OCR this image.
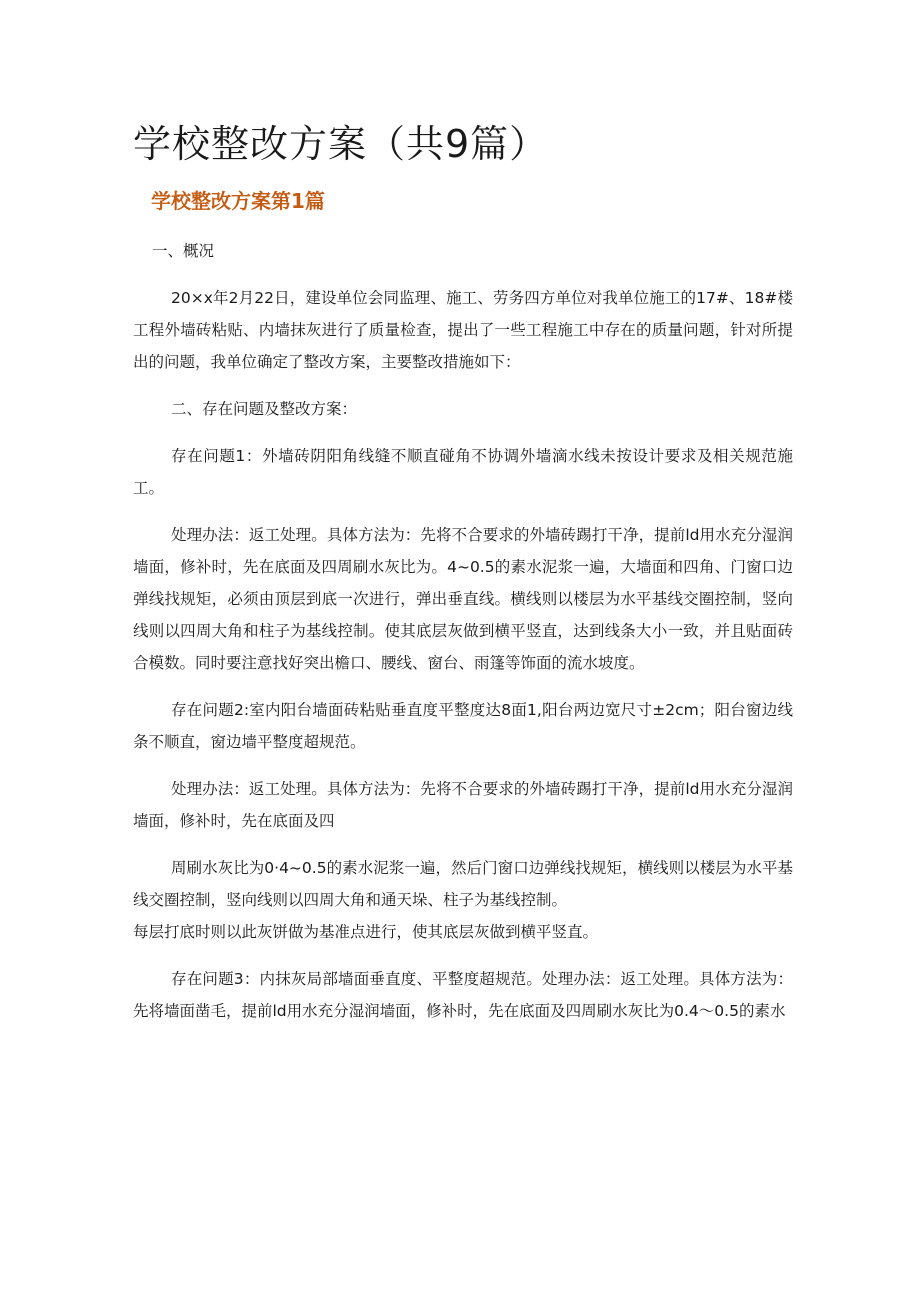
学校整改方案（共9篇）
学校整改方案第1篇

一、概况

20×x年2月22日，建设单位会同监理、施工、劳务四方单位对我单位施工的17#、18#楼工程外墙砖粘贴、内墙抹灰进行了质量检查，提出了一些工程施工中存在的质量问题，针对所提出的问题，我单位确定了整改方案，主要整改措施如下：

二、存在问题及整改方案：

存在问题1：外墙砖阴阳角线缝不顺直碰角不协调外墙滴水线未按设计要求及相关规范施工。

处理办法：返工处理。具体方法为：先将不合要求的外墙砖踢打干净，提前ld用水充分湿润墙面，修补时，先在底面及四周刷水灰比为。4~0.5的素水泥浆一遍，大墙面和四角、门窗口边弹线找规矩，必须由顶层到底一次进行，弹出垂直线。横线则以楼层为水平基线交圈控制，竖向线则以四周大角和柱子为基线控制。使其底层灰做到横平竖直，达到线条大小一致，并且贴面砖合模数。同时要注意找好突出檐口、腰线、窗台、雨篷等饰面的流水坡度。

存在问题2:室内阳台墙面砖粘贴垂直度平整度达8面1,阳台两边宽尺寸±2cm；阳台窗边线条不顺直，窗边墙平整度超规范。

处理办法：返工处理。具体方法为：先将不合要求的外墙砖踢打干净，提前ld用水充分湿润墙面，修补时，先在底面及四

周刷水灰比为0·4~0.5的素水泥浆一遍，然后门窗口边弹线找规矩，横线则以楼层为水平基线交圈控制，竖向线则以四周大角和通天垛、柱子为基线控制。

每层打底时则以此灰饼做为基准点进行，使其底层灰做到横平竖直。

存在问题3：内抹灰局部墙面垂直度、平整度超规范。处理办法：返工处理。具体方法为：先将墙面凿毛，提前ld用水充分湿润墙面，修补时，先在底面及四周刷水灰比为0.4～0.5的素水
